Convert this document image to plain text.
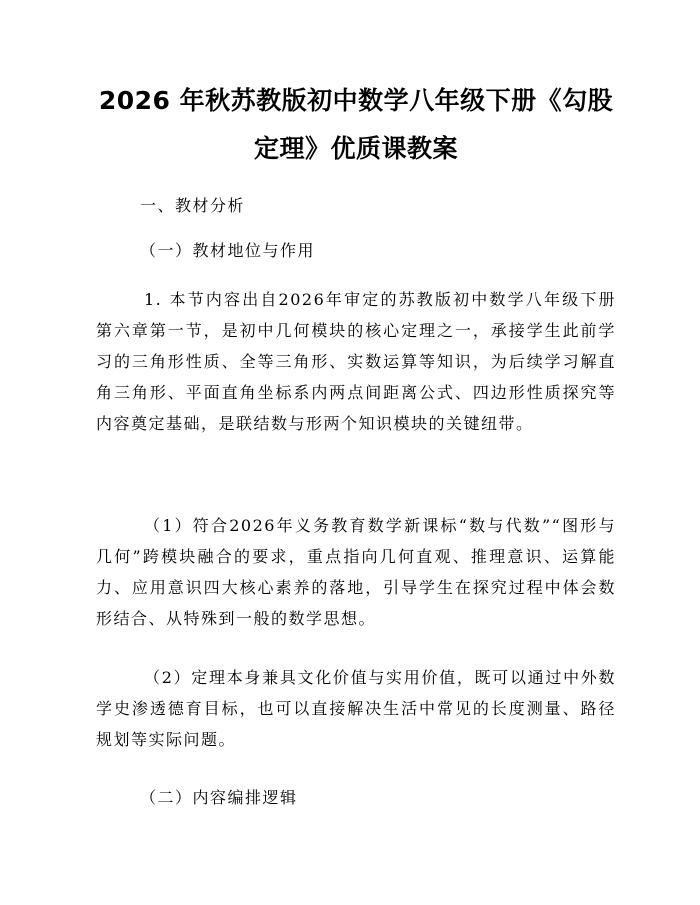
2026 年秋苏教版初中数学八年级下册《勾股
定理》优质课教案
一、教材分析
（一）教材地位与作用
1. 本节内容出自2026年审定的苏教版初中数学八年级下册第六章第一节，是初中几何模块的核心定理之一，承接学生此前学习的三角形性质、全等三角形、实数运算等知识，为后续学习解直角三角形、平面直角坐标系内两点间距离公式、四边形性质探究等内容奠定基础，是联结数与形两个知识模块的关键纽带。
（1）符合2026年义务教育数学新课标“数与代数”“图形与几何”跨模块融合的要求，重点指向几何直观、推理意识、运算能力、应用意识四大核心素养的落地，引导学生在探究过程中体会数形结合、从特殊到一般的数学思想。
（2）定理本身兼具文化价值与实用价值，既可以通过中外数学史渗透德育目标，也可以直接解决生活中常见的长度测量、路径规划等实际问题。
（二）内容编排逻辑
